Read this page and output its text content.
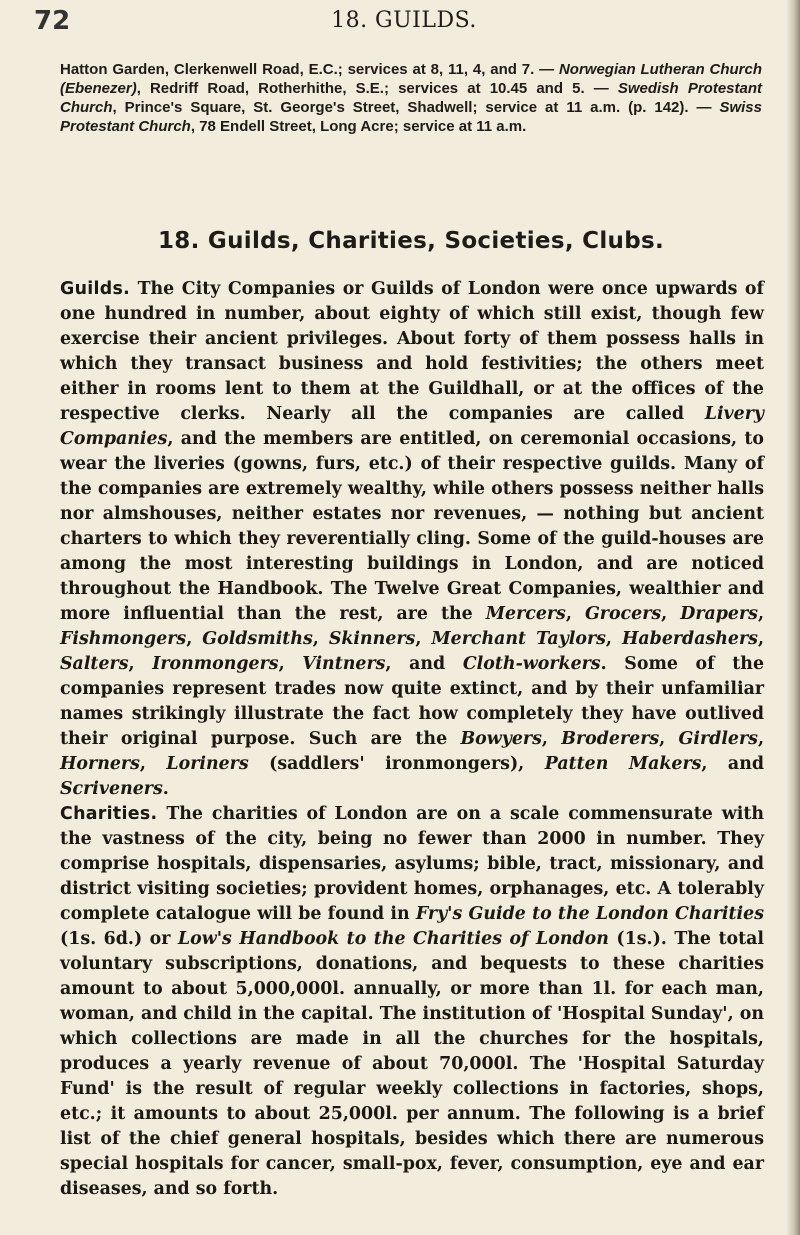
72	18. GUILDS.

Hatton Garden, Clerkenwell Road, E.C.; services at 8, 11, 4, and 7. — Norwegian Lutheran Church (Ebenezer), Redriff Road, Rotherhithe, S.E.; services at 10.45 and 5. — Swedish Protestant Church, Prince's Square, St. George's Street, Shadwell; service at 11 a.m. (p. 142). — Swiss Protestant Church, 78 Endell Street, Long Acre; service at 11 a.m.

18. Guilds, Charities, Societies, Clubs.

Guilds. The City Companies or Guilds of London were once upwards of one hundred in number, about eighty of which still exist, though few exercise their ancient privileges. About forty of them possess halls in which they transact business and hold festivities; the others meet either in rooms lent to them at the Guildhall, or at the offices of the respective clerks. Nearly all the companies are called Livery Companies, and the members are entitled, on ceremonial occasions, to wear the liveries (gowns, furs, etc.) of their respective guilds. Many of the companies are extremely wealthy, while others possess neither halls nor almshouses, neither estates nor revenues, — nothing but ancient charters to which they reverentially cling. Some of the guild-houses are among the most interesting buildings in London, and are noticed throughout the Handbook. The Twelve Great Companies, wealthier and more influential than the rest, are the Mercers, Grocers, Drapers, Fishmongers, Goldsmiths, Skinners, Merchant Taylors, Haberdashers, Salters, Ironmongers, Vintners, and Cloth-workers. Some of the companies represent trades now quite extinct, and by their unfamiliar names strikingly illustrate the fact how completely they have outlived their original purpose. Such are the Bowyers, Broderers, Girdlers, Horners, Loriners (saddlers' ironmongers), Patten Makers, and Scriveners.

Charities. The charities of London are on a scale commensurate with the vastness of the city, being no fewer than 2000 in number. They comprise hospitals, dispensaries, asylums; bible, tract, missionary, and district visiting societies; provident homes, orphanages, etc. A tolerably complete catalogue will be found in Fry's Guide to the London Charities (1s. 6d.) or Low's Handbook to the Charities of London (1s.). The total voluntary subscriptions, donations, and bequests to these charities amount to about 5,000,000l. annually, or more than 1l. for each man, woman, and child in the capital. The institution of 'Hospital Sunday', on which collections are made in all the churches for the hospitals, produces a yearly revenue of about 70,000l. The 'Hospital Saturday Fund' is the result of regular weekly collections in factories, shops, etc.; it amounts to about 25,000l. per annum. The following is a brief list of the chief general hospitals, besides which there are numerous special hospitals for cancer, small-pox, fever, consumption, eye and ear diseases, and so forth.
